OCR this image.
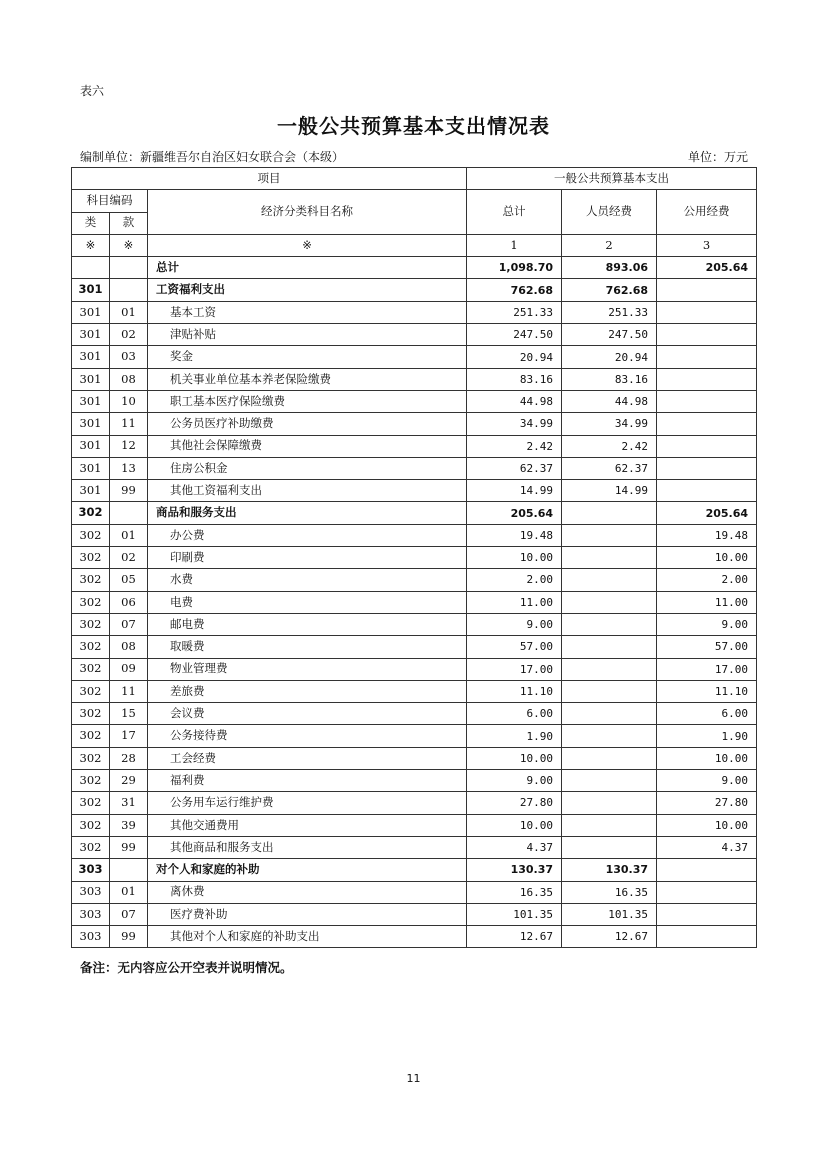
表六
一般公共预算基本支出情况表
编制单位：新疆维吾尔自治区妇女联合会（本级）	单位：万元
项目			一般公共预算基本支出		
科目编码		经济分类科目名称	总计	人员经费	公用经费
类	款				
※	※	※	1	2	3
		总计	1,098.70	893.06	205.64
301		工资福利支出	762.68	762.68	
301	01	基本工资	251.33	251.33	
301	02	津贴补贴	247.50	247.50	
301	03	奖金	20.94	20.94	
301	08	机关事业单位基本养老保险缴费	83.16	83.16	
301	10	职工基本医疗保险缴费	44.98	44.98	
301	11	公务员医疗补助缴费	34.99	34.99	
301	12	其他社会保障缴费	2.42	2.42	
301	13	住房公积金	62.37	62.37	
301	99	其他工资福利支出	14.99	14.99	
302		商品和服务支出	205.64		205.64
302	01	办公费	19.48		19.48
302	02	印刷费	10.00		10.00
302	05	水费	2.00		2.00
302	06	电费	11.00		11.00
302	07	邮电费	9.00		9.00
302	08	取暖费	57.00		57.00
302	09	物业管理费	17.00		17.00
302	11	差旅费	11.10		11.10
302	15	会议费	6.00		6.00
302	17	公务接待费	1.90		1.90
302	28	工会经费	10.00		10.00
302	29	福利费	9.00		9.00
302	31	公务用车运行维护费	27.80		27.80
302	39	其他交通费用	10.00		10.00
302	99	其他商品和服务支出	4.37		4.37
303		对个人和家庭的补助	130.37	130.37	
303	01	离休费	16.35	16.35	
303	07	医疗费补助	101.35	101.35	
303	99	其他对个人和家庭的补助支出	12.67	12.67	
备注：无内容应公开空表并说明情况。
11
